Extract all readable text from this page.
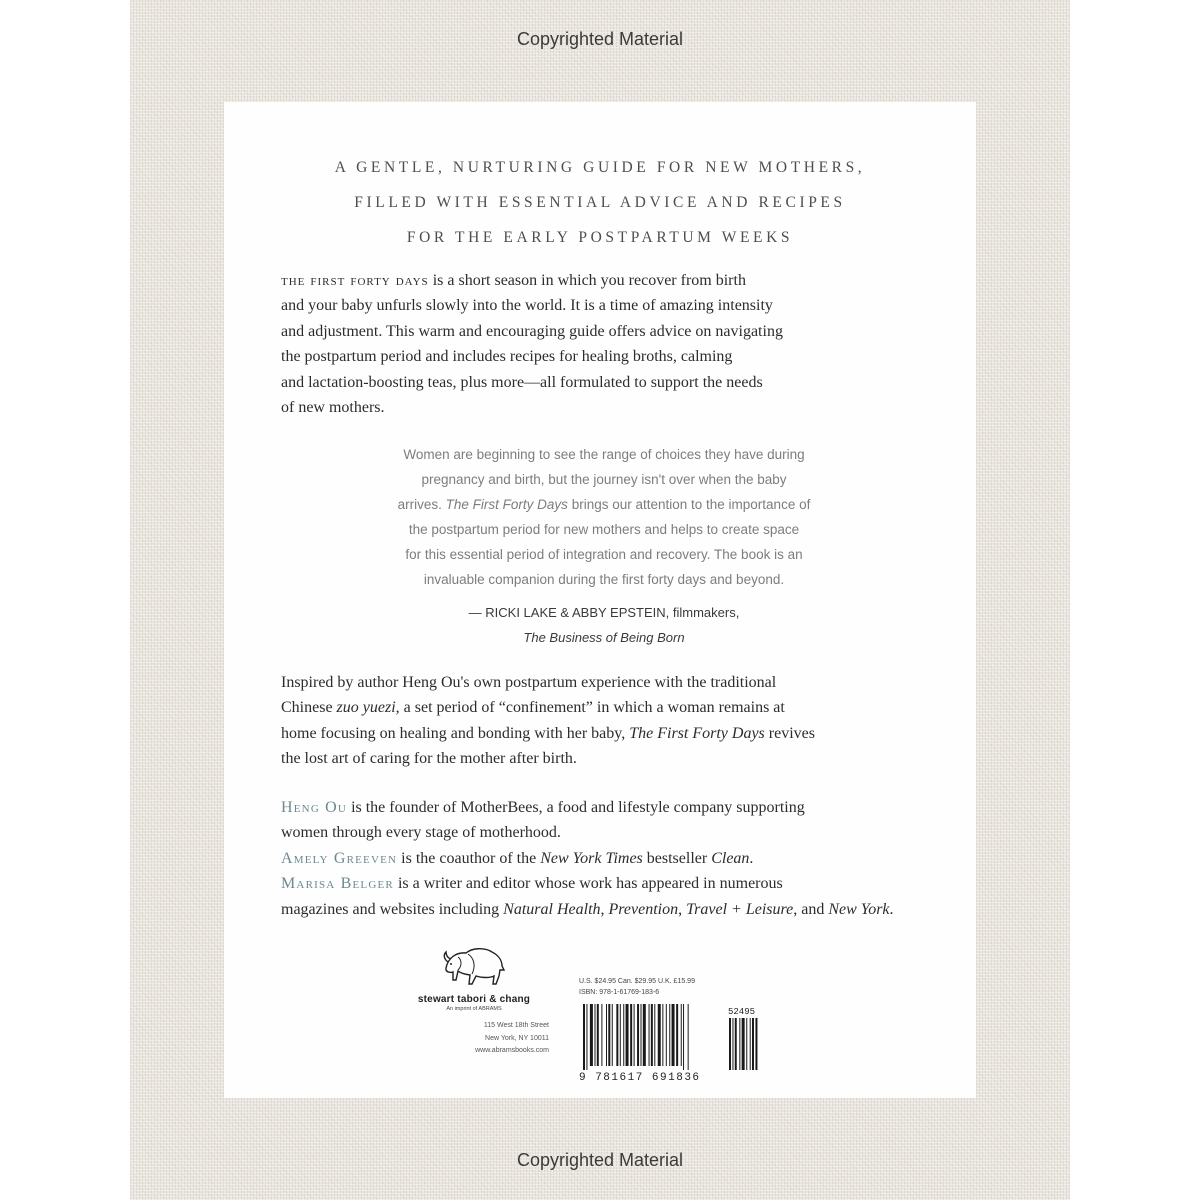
Copyrighted Material
Copyrighted Material
A GENTLE, NURTURING GUIDE FOR NEW MOTHERS,
FILLED WITH ESSENTIAL ADVICE AND RECIPES
FOR THE EARLY POSTPARTUM WEEKS
the first forty days is a short season in which you recover from birth
and your baby unfurls slowly into the world. It is a time of amazing intensity
and adjustment. This warm and encouraging guide offers advice on navigating
the postpartum period and includes recipes for healing broths, calming
and lactation-boosting teas, plus more—all formulated to support the needs
of new mothers.
Women are beginning to see the range of choices they have during
pregnancy and birth, but the journey isn't over when the baby
arrives. The First Forty Days brings our attention to the importance of
the postpartum period for new mothers and helps to create space
for this essential period of integration and recovery. The book is an
invaluable companion during the first forty days and beyond.
— RICKI LAKE & ABBY EPSTEIN, filmmakers,
The Business of Being Born
Inspired by author Heng Ou's own postpartum experience with the traditional
Chinese zuo yuezi, a set period of “confinement” in which a woman remains at
home focusing on healing and bonding with her baby, The First Forty Days revives
the lost art of caring for the mother after birth.
Heng Ou is the founder of MotherBees, a food and lifestyle company supporting
women through every stage of motherhood.
Amely Greeven is the coauthor of the New York Times bestseller Clean.
Marisa Belger is a writer and editor whose work has appeared in numerous
magazines and websites including Natural Health, Prevention, Travel + Leisure, and New York.
stewart tabori & chang
An imprint of ABRAMS
115 West 18th Street
New York, NY 10011
www.abramsbooks.com
U.S. $24.95 Can. $29.95 U.K. £15.99
ISBN: 978-1-61769-183-6
9 781617 691836
52495
